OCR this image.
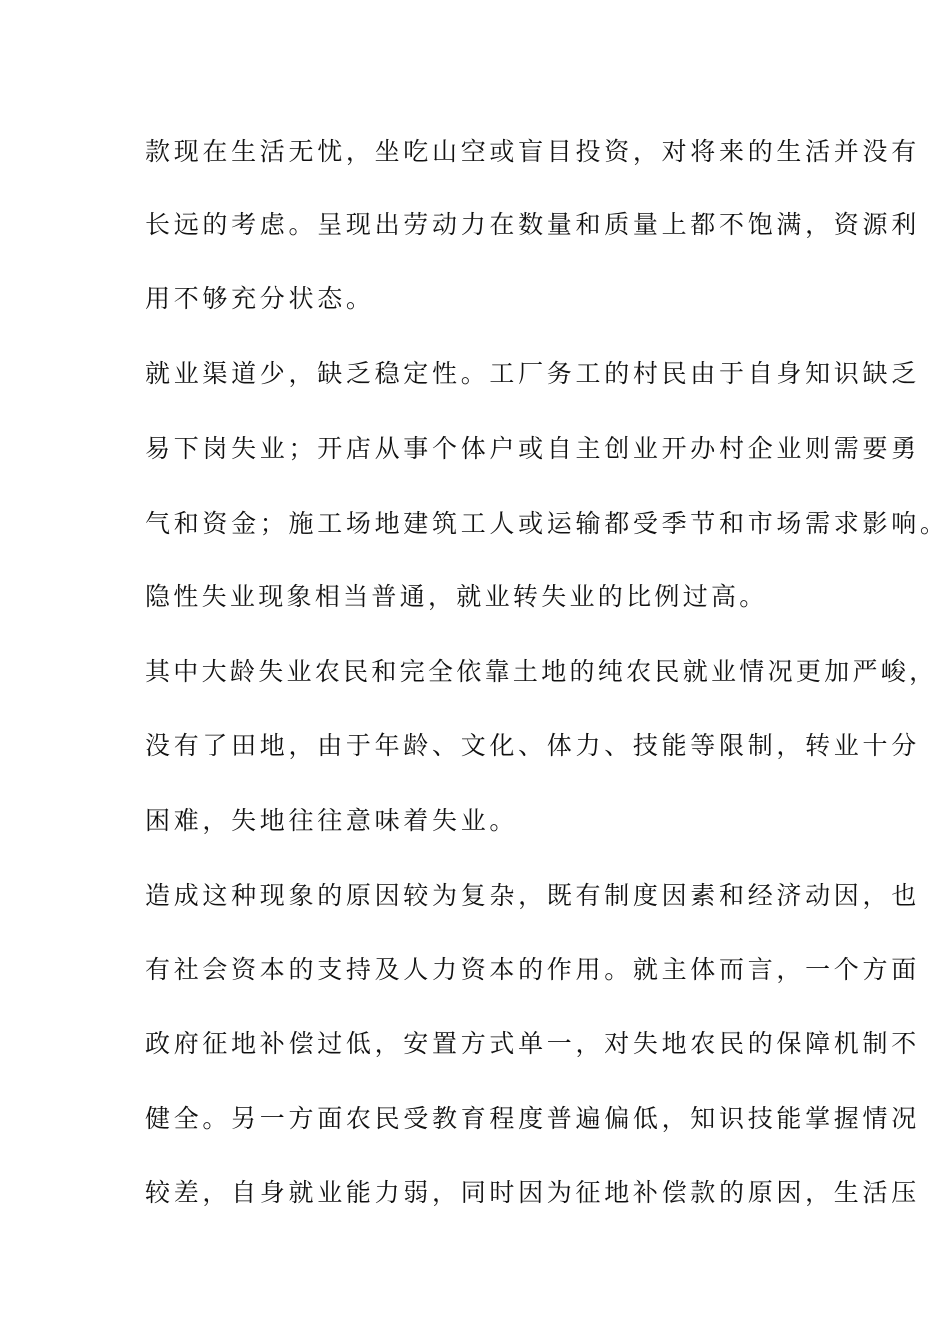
款现在生活无忧，坐吃山空或盲目投资，对将来的生活并没有
长远的考虑。呈现出劳动力在数量和质量上都不饱满，资源利
用不够充分状态。
就业渠道少，缺乏稳定性。工厂务工的村民由于自身知识缺乏
易下岗失业；开店从事个体户或自主创业开办村企业则需要勇
气和资金；施工场地建筑工人或运输都受季节和市场需求影响。
隐性失业现象相当普通，就业转失业的比例过高。
其中大龄失业农民和完全依靠土地的纯农民就业情况更加严峻，
没有了田地，由于年龄、文化、体力、技能等限制，转业十分
困难，失地往往意味着失业。
造成这种现象的原因较为复杂，既有制度因素和经济动因，也
有社会资本的支持及人力资本的作用。就主体而言，一个方面
政府征地补偿过低，安置方式单一，对失地农民的保障机制不
健全。另一方面农民受教育程度普遍偏低，知识技能掌握情况
较差，自身就业能力弱，同时因为征地补偿款的原因，生活压
